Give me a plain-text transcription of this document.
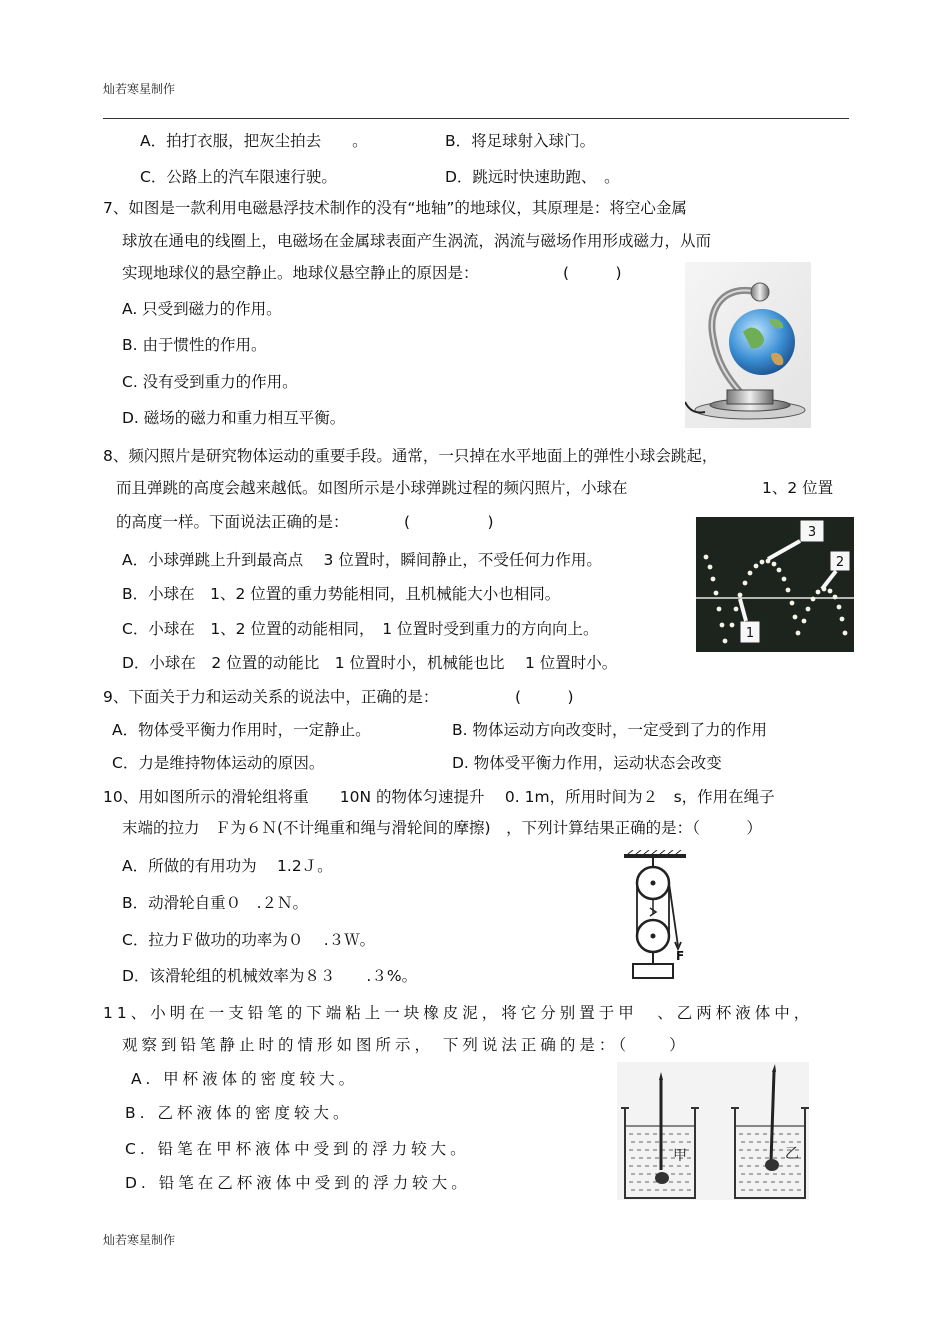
灿若寒星制作
A．拍打衣服，把灰尘拍去　　。	B．将足球射入球门。
C．公路上的汽车限速行驶。	D．跳远时快速助跑、　。
7、如图是一款利用电磁悬浮技术制作的没有“地轴”的地球仪，其原理是：将空心金属
球放在通电的线圈上，电磁场在金属球表面产生涡流，涡流与磁场作用形成磁力，从而
实现地球仪的悬空静止。地球仪悬空静止的原因是：	(　　　)
A. 只受到磁力的作用。
B. 由于惯性的作用。
C. 没有受到重力的作用。
D. 磁场的磁力和重力相互平衡。
8、频闪照片是研究物体运动的重要手段。通常，一只掉在水平地面上的弹性小球会跳起，
而且弹跳的高度会越来越低。如图所示是小球弹跳过程的频闪照片，小球在	1、2 位置
的高度一样。下面说法正确的是：	(　　　　　)
A．小球弹跳上升到最高点　 3 位置时，瞬间静止，不受任何力作用。
B．小球在　1、2 位置的重力势能相同，且机械能大小也相同。
C．小球在　1、2 位置的动能相同，　1 位置时受到重力的方向向上。
D．小球在　2 位置的动能比　1 位置时小，机械能也比　 1 位置时小。
3
2
1
9、下面关于力和运动关系的说法中，正确的是：	(　　　)
A．物体受平衡力作用时，一定静止。	B. 物体运动方向改变时，一定受到了力的作用
C．力是维持物体运动的原因。	D. 物体受平衡力作用，运动状态会改变
10、用如图所示的滑轮组将重　　10N 的物体匀速提升　 0. 1m，所用时间为２　s，作用在绳子
末端的拉力　Ｆ为６Ｎ(不计绳重和绳与滑轮间的摩擦)　，下列计算结果正确的是：（　　　）
A．所做的有用功为　 1.2Ｊ。
B．动滑轮自重０　.２Ｎ。
C．拉力Ｆ做功的功率为０　 .３Ｗ。
D．该滑轮组的机械效率为８３　　.３%。
F
11、小明在一支铅笔的下端粘上一块橡皮泥，将它分别置于甲　、乙两杯液体中，
观察到铅笔静止时的情形如图所示， 下列说法正确的是：（　　）
A. 甲杯液体的密度较大。
B. 乙杯液体的密度较大。
C. 铅笔在甲杯液体中受到的浮力较大。
D. 铅笔在乙杯液体中受到的浮力较大。
甲	乙
灿若寒星制作
